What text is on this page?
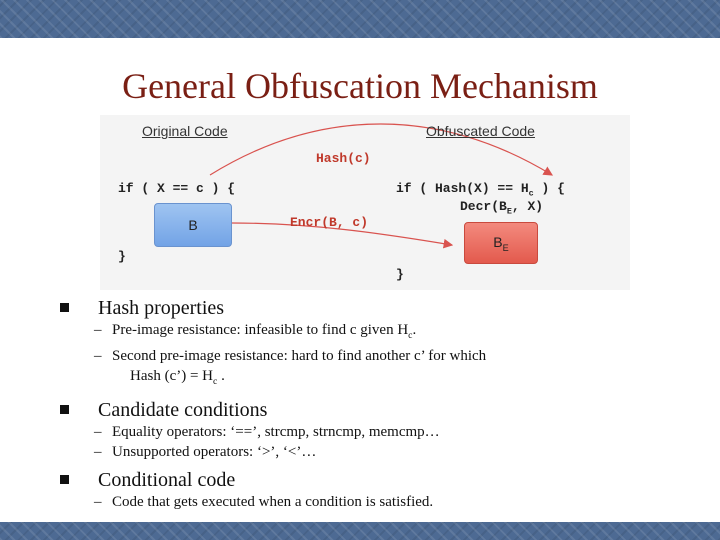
General Obfuscation Mechanism
Original Code	Obfuscated Code
Hash(c)
Encr(B, c)
if ( X == c ) {
}
B
if ( Hash(X) == $H_c$ ) {
$Decr(B_E$, X)
}
$B_E$
Hash properties
– Pre-image resistance: infeasible to find c given $H_c$.
– Second pre-image resistance: hard to find another c’ for which
Hash (c’) = $H_c$ .
Candidate conditions
– Equality operators: ‘==’, strcmp, strncmp, memcmp…
– Unsupported operators: ‘>’, ‘<’…
Conditional code
– Code that gets executed when a condition is satisfied.
